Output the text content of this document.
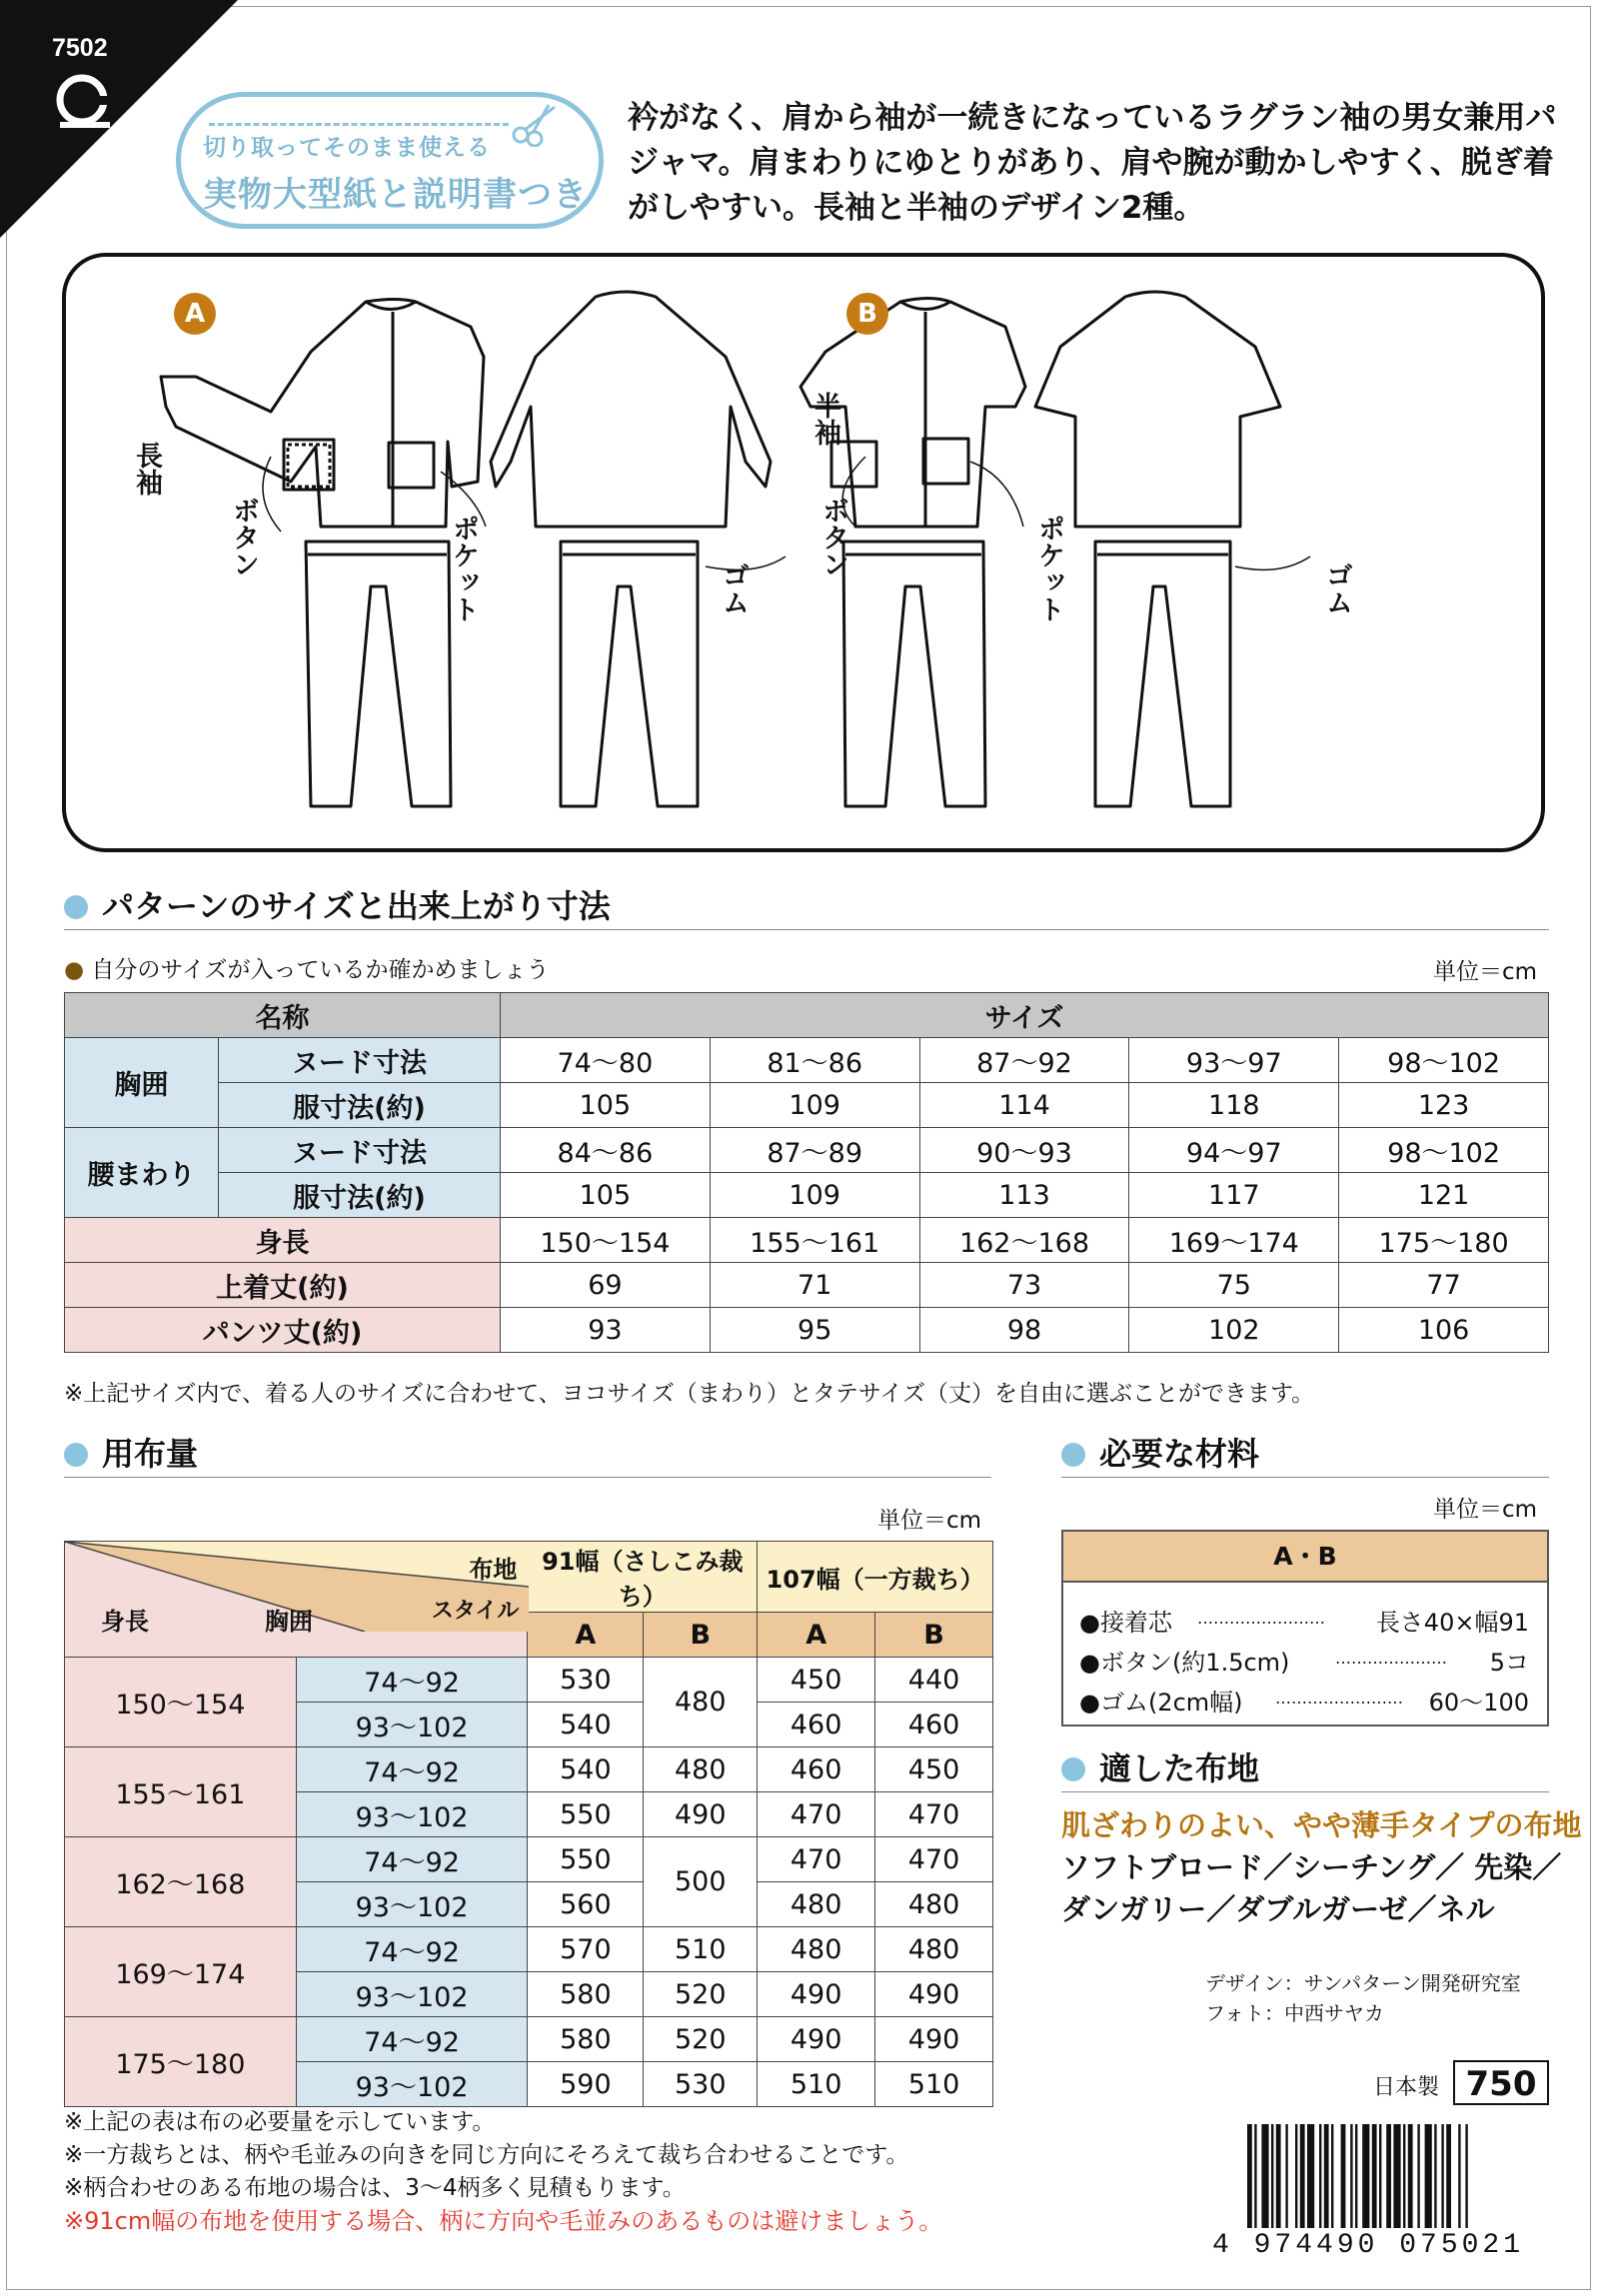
7502
切り取ってそのまま使える
実物大型紙と説明書つき
衿がなく、肩から袖が一続きになっているラグラン袖の男女兼用パジャマ。肩まわりにゆとりがあり、肩や腕が動かしやすく、脱ぎ着がしやすい。長袖と半袖のデザイン2種。
A	B
長袖
ボタン	ポケット	ゴム
半袖
ボタン	ポケット	ゴム
パターンのサイズと出来上がり寸法
● 自分のサイズが入っているか確かめましょう	単位＝cm
名称		サイズ				
胸囲	ヌード寸法	74〜80	81〜86	87〜92	93〜97	98〜102
	服寸法(約)	105	109	114	118	123
腰まわり	ヌード寸法	84〜86	87〜89	90〜93	94〜97	98〜102
	服寸法(約)	105	109	113	117	121
身長		150〜154	155〜161	162〜168	169〜174	175〜180
上着丈(約)		69	71	73	75	77
パンツ丈(約)		93	95	98	102	106
※上記サイズ内で、着る人のサイズに合わせて、ヨコサイズ（まわり）とタテサイズ（丈）を自由に選ぶことができます。
用布量
単位＝cm
布地
スタイル
身長 胸囲		91幅（さしこみ裁ち）		107幅（一方裁ち）	
		A	B	A	B
150〜154	74〜92	530	480	450	440
	93〜102	540		460	460
155〜161	74〜92	540	480	460	450
	93〜102	550	490	470	470
162〜168	74〜92	550	500	470	470
	93〜102	560		480	480
169〜174	74〜92	570	510	480	480
	93〜102	580	520	490	490
175〜180	74〜92	580	520	490	490
	93〜102	590	530	510	510
※上記の表は布の必要量を示しています。
※一方裁ちとは、柄や毛並みの向きを同じ方向にそろえて裁ち合わせることです。
※柄合わせのある布地の場合は、3〜4柄多く見積もります。
※91cm幅の布地を使用する場合、柄に方向や毛並みのあるものは避けましょう。
必要な材料
単位＝cm
A・B
●接着芯 …………………… 長さ40×幅91
●ボタン(約1.5cm)	………………… 5コ
●ゴム(2cm幅) …………………… 60〜100
適した布地
肌ざわりのよい、やや薄手タイプの布地
ソフトブロード／シーチング／ 先染／
ダンガリー／ダブルガーゼ／ネル
デザイン：サンパターン開発研究室
フォト：中西サヤカ
日本製 750
4 974490 075021
